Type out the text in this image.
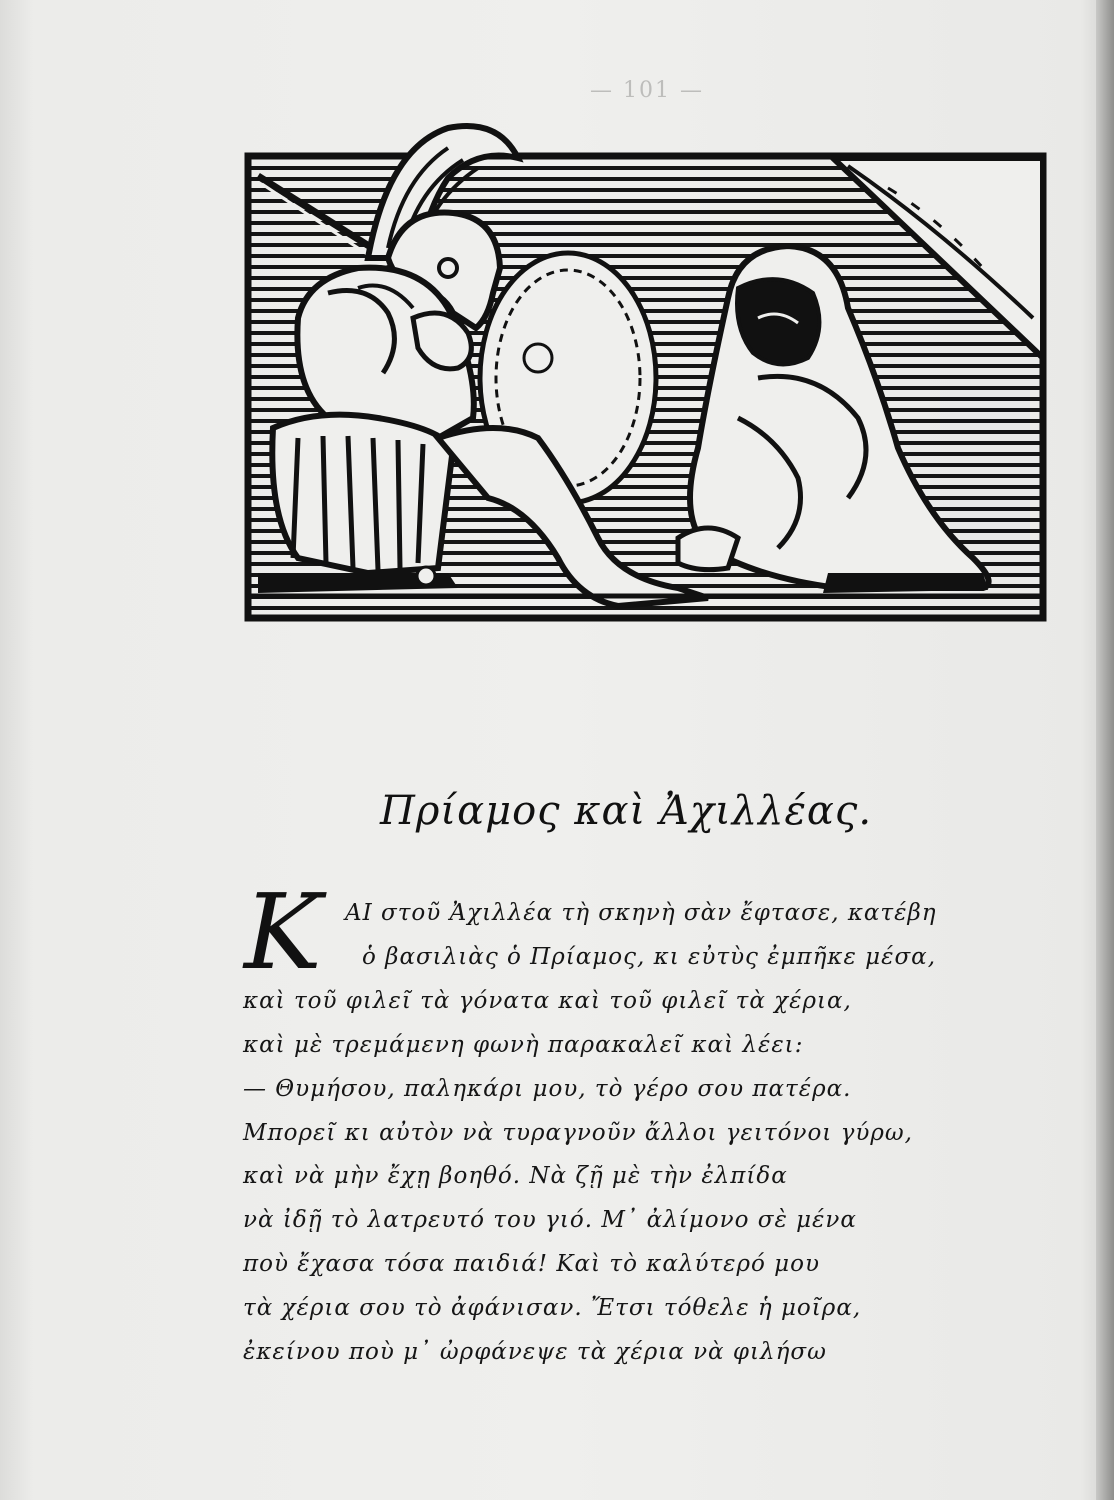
— 101 —
Πρίαμος καὶ Ἀχιλλέας.
Κ ΑΙ στοῦ Ἀχιλλέα τὴ σκηνὴ σὰν ἔφτασε, κατέβη
ὁ βασιλιὰς ὁ Πρίαμος, κι εὐτὺς ἐμπῆκε μέσα,
καὶ τοῦ φιλεῖ τὰ γόνατα καὶ τοῦ φιλεῖ τὰ χέρια,
καὶ μὲ τρεμάμενη φωνὴ παρακαλεῖ καὶ λέει:
— Θυμήσου, παληκάρι μου, τὸ γέρο σου πατέρα.
Μπορεῖ κι αὐτὸν νὰ τυραγνοῦν ἄλλοι γειτόνοι γύρω,
καὶ νὰ μὴν ἔχῃ βοηθό. Νὰ ζῇ μὲ τὴν ἐλπίδα
νὰ ἰδῇ τὸ λατρευτό του γιό. Μ᾽ ἀλίμονο σὲ μένα
ποὺ ἔχασα τόσα παιδιά! Καὶ τὸ καλύτερό μου
τὰ χέρια σου τὸ ἀφάνισαν. Ἔτσι τόθελε ἡ μοῖρα,
ἐκείνου ποὺ μ᾽ ὠρφάνεψε τὰ χέρια νὰ φιλήσω
